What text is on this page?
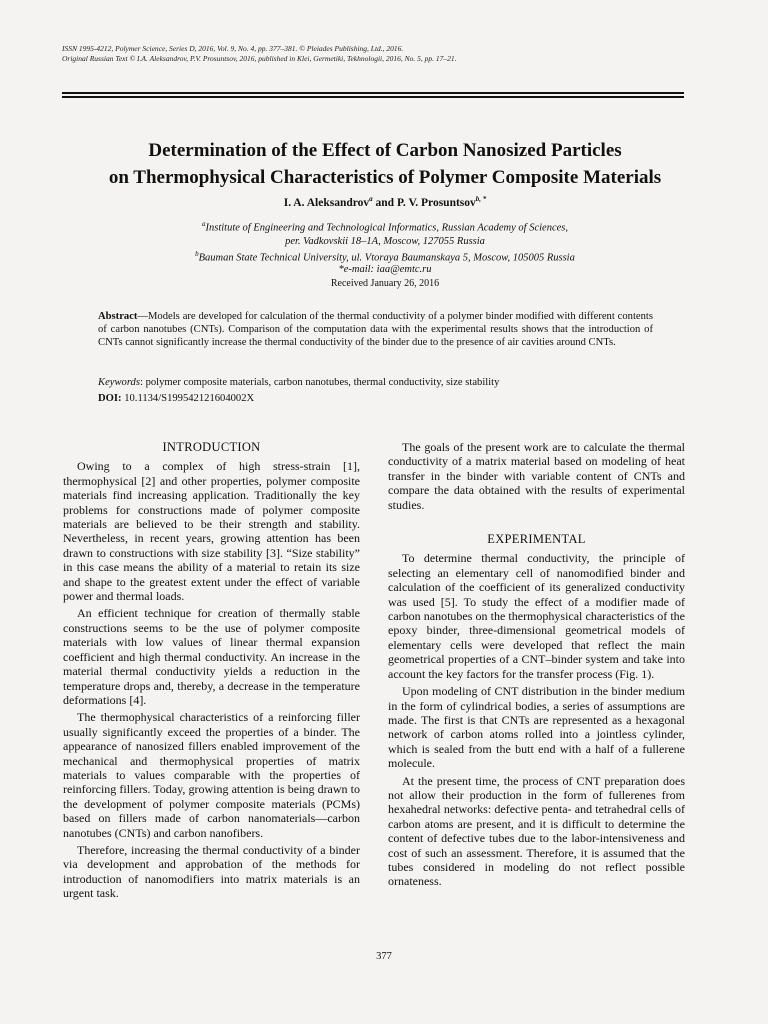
ISSN 1995-4212, Polymer Science, Series D, 2016, Vol. 9, No. 4, pp. 377–381. © Pleiades Publishing, Ltd., 2016.
Original Russian Text © I.A. Aleksandrov, P.V. Prosuntsov, 2016, published in Klei, Germetiki, Tekhnologii, 2016, No. 5, pp. 17–21.
Determination of the Effect of Carbon Nanosized Particles
on Thermophysical Characteristics of Polymer Composite Materials
I. A. Aleksandrov$^a$ and P. V. Prosuntsov$^{b, *}$
$^a$Institute of Engineering and Technological Informatics, Russian Academy of Sciences,
per. Vadkovskii 18–1A, Moscow, 127055 Russia
$^b$Bauman State Technical University, ul. Vtoraya Baumanskaya 5, Moscow, 105005 Russia
*e-mail: iaa@emtc.ru
Received January 26, 2016
Abstract—Models are developed for calculation of the thermal conductivity of a polymer binder modified with different contents of carbon nanotubes (CNTs). Comparison of the computation data with the experimental results shows that the introduction of CNTs cannot significantly increase the thermal conductivity of the binder due to the presence of air cavities around CNTs.
Keywords: polymer composite materials, carbon nanotubes, thermal conductivity, size stability
DOI: 10.1134/S199542121604002X
INTRODUCTION

Owing to a complex of high stress-strain [1], thermophysical [2] and other properties, polymer composite materials find increasing application. Traditionally the key problems for constructions made of polymer composite materials are believed to be their strength and stability. Nevertheless, in recent years, growing attention has been drawn to constructions with size stability [3]. “Size stability” in this case means the ability of a material to retain its size and shape to the greatest extent under the effect of variable power and thermal loads.

An efficient technique for creation of thermally stable constructions seems to be the use of polymer composite materials with low values of linear thermal expansion coefficient and high thermal conductivity. An increase in the material thermal conductivity yields a reduction in the temperature drops and, thereby, a decrease in the temperature deformations [4].

The thermophysical characteristics of a reinforcing filler usually significantly exceed the properties of a binder. The appearance of nanosized fillers enabled improvement of the mechanical and thermophysical properties of matrix materials to values comparable with the properties of reinforcing fillers. Today, growing attention is being drawn to the development of polymer composite materials (PCMs) based on fillers made of carbon nanomaterials—carbon nanotubes (CNTs) and carbon nanofibers.

Therefore, increasing the thermal conductivity of a binder via development and approbation of the methods for introduction of nanomodifiers into matrix materials is an urgent task.

The goals of the present work are to calculate the thermal conductivity of a matrix material based on modeling of heat transfer in the binder with variable content of CNTs and compare the data obtained with the results of experimental studies.

EXPERIMENTAL

To determine thermal conductivity, the principle of selecting an elementary cell of nanomodified binder and calculation of the coefficient of its generalized conductivity was used [5]. To study the effect of a modifier made of carbon nanotubes on the thermophysical characteristics of the epoxy binder, three-dimensional geometrical models of elementary cells were developed that reflect the main geometrical properties of a CNT–binder system and take into account the key factors for the transfer process (Fig. 1).

Upon modeling of CNT distribution in the binder medium in the form of cylindrical bodies, a series of assumptions are made. The first is that CNTs are represented as a hexagonal network of carbon atoms rolled into a jointless cylinder, which is sealed from the butt end with a half of a fullerene molecule.

At the present time, the process of CNT preparation does not allow their production in the form of fullerenes from hexahedral networks: defective penta- and tetrahedral cells of carbon atoms are present, and it is difficult to determine the content of defective tubes due to the labor-intensiveness and cost of such an assessment. Therefore, it is assumed that the tubes considered in modeling do not reflect possible ornateness.

377
